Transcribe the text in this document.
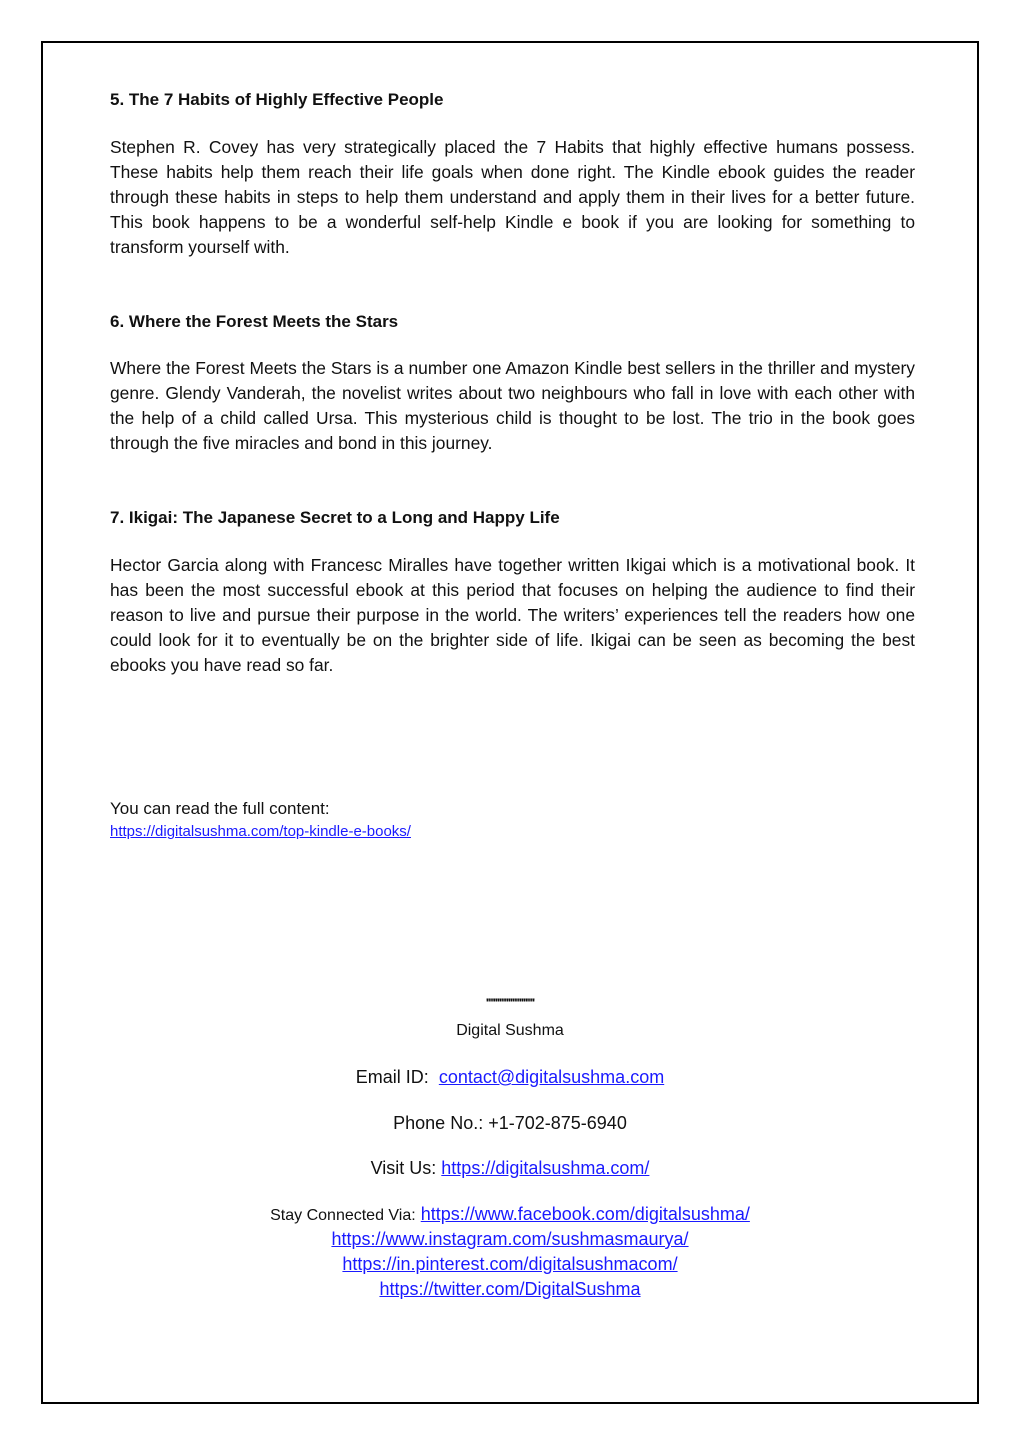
5. The 7 Habits of Highly Effective People

Stephen R. Covey has very strategically placed the 7 Habits that highly effective humans possess. These habits help them reach their life goals when done right. The Kindle ebook guides the reader through these habits in steps to help them understand and apply them in their lives for a better future. This book happens to be a wonderful self-help Kindle e book if you are looking for something to transform yourself with.

6. Where the Forest Meets the Stars

Where the Forest Meets the Stars is a number one Amazon Kindle best sellers in the thriller and mystery genre. Glendy Vanderah, the novelist writes about two neighbours who fall in love with each other with the help of a child called Ursa. This mysterious child is thought to be lost. The trio in the book goes through the five miracles and bond in this journey.

7. Ikigai: The Japanese Secret to a Long and Happy Life

Hector Garcia along with Francesc Miralles have together written Ikigai which is a motivational book. It has been the most successful ebook at this period that focuses on helping the audience to find their reason to live and pursue their purpose in the world. The writers’ experiences tell the readers how one could look for it to eventually be on the brighter side of life. Ikigai can be seen as becoming the best ebooks you have read so far.

You can read the full content:

https://digitalsushma.com/top-kindle-e-books/
''''''''''''''''''''''''''
Digital Sushma
Email ID: contact@digitalsushma.com
Phone No.: +1-702-875-6940
Visit Us: https://digitalsushma.com/
Stay Connected Via: https://www.facebook.com/digitalsushma/
https://www.instagram.com/sushmasmaurya/
https://in.pinterest.com/digitalsushmacom/
https://twitter.com/DigitalSushma
